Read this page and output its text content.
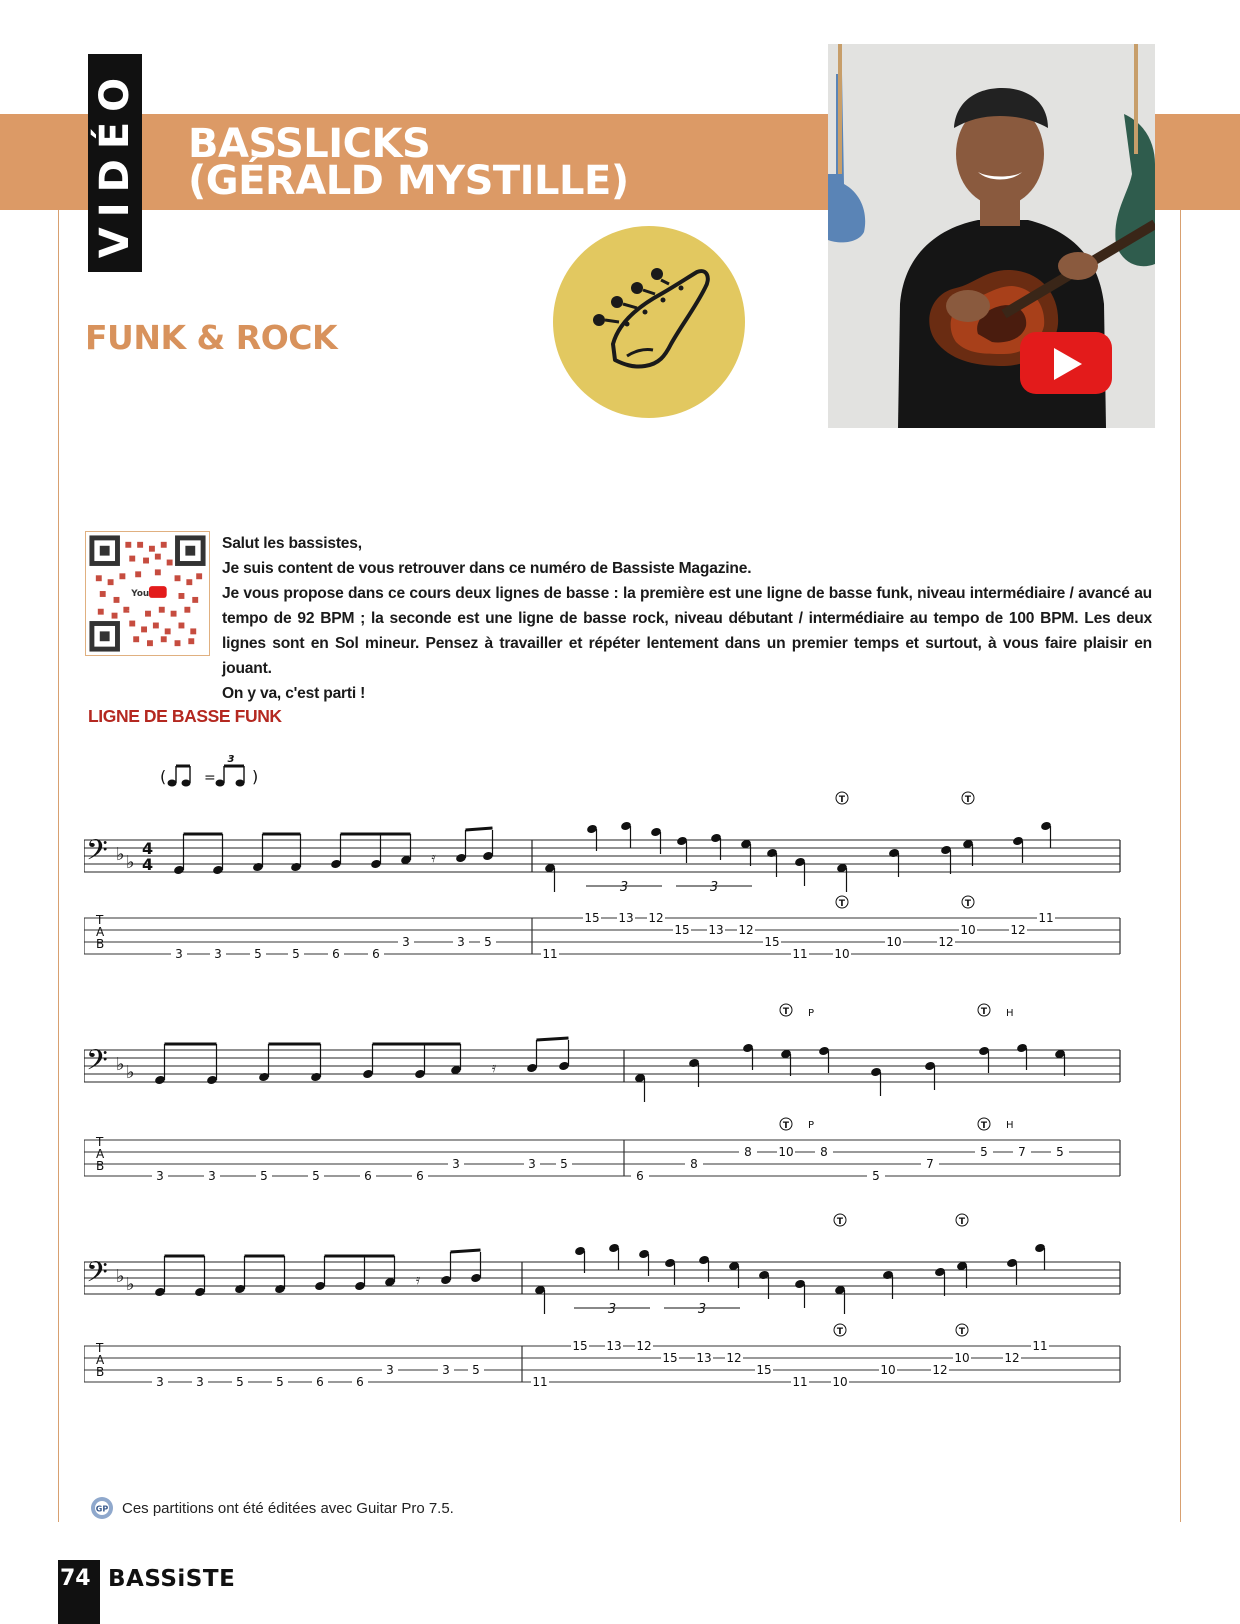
VIDÉO BASSLICKS
(GÉRALD MYSTILLE)
FUNK & ROCK
You
YouTube

Salut les bassistes,

Je suis content de vous retrouver dans ce numéro de Bassiste Magazine.

Je vous propose dans ce cours deux lignes de basse : la première est une ligne de basse funk, niveau intermédiaire / avancé au tempo de 92 BPM ; la seconde est une ligne de basse rock, niveau débutant / intermédiaire au tempo de 100 BPM. Les deux lignes sont en Sol mineur. Pensez à travailler et répéter lentement dans un premier temps et surtout, à vous faire plaisir en jouant.

On y va, c'est parti !

LIGNE DE BASSE FUNK
(	)
=
3
𝄢 ♭ ♭
4
4
T
A
B
𝄿
3	3	5	5	6	6
3	3 5
11
15 13 12
15 13 12
15
11 10
10	12
10	12
11
3	3
T
T
T
T
𝄢 ♭ ♭
T
A
B
𝄿
3	3	5	5	6	6
3	3 5
6
8
8 10 8
5
7
5	7	5
T P
T P
T H
T H
𝄢 ♭ ♭
T
A
B
𝄿
3	3	5	5	6	6
3	3 5
11
15 13 12
15 13 12
15
11 10
10	12
10	12
11
3	3
T
T
T
T
GP Ces partitions ont été éditées avec Guitar Pro 7.5.
74 BASSiSTE
